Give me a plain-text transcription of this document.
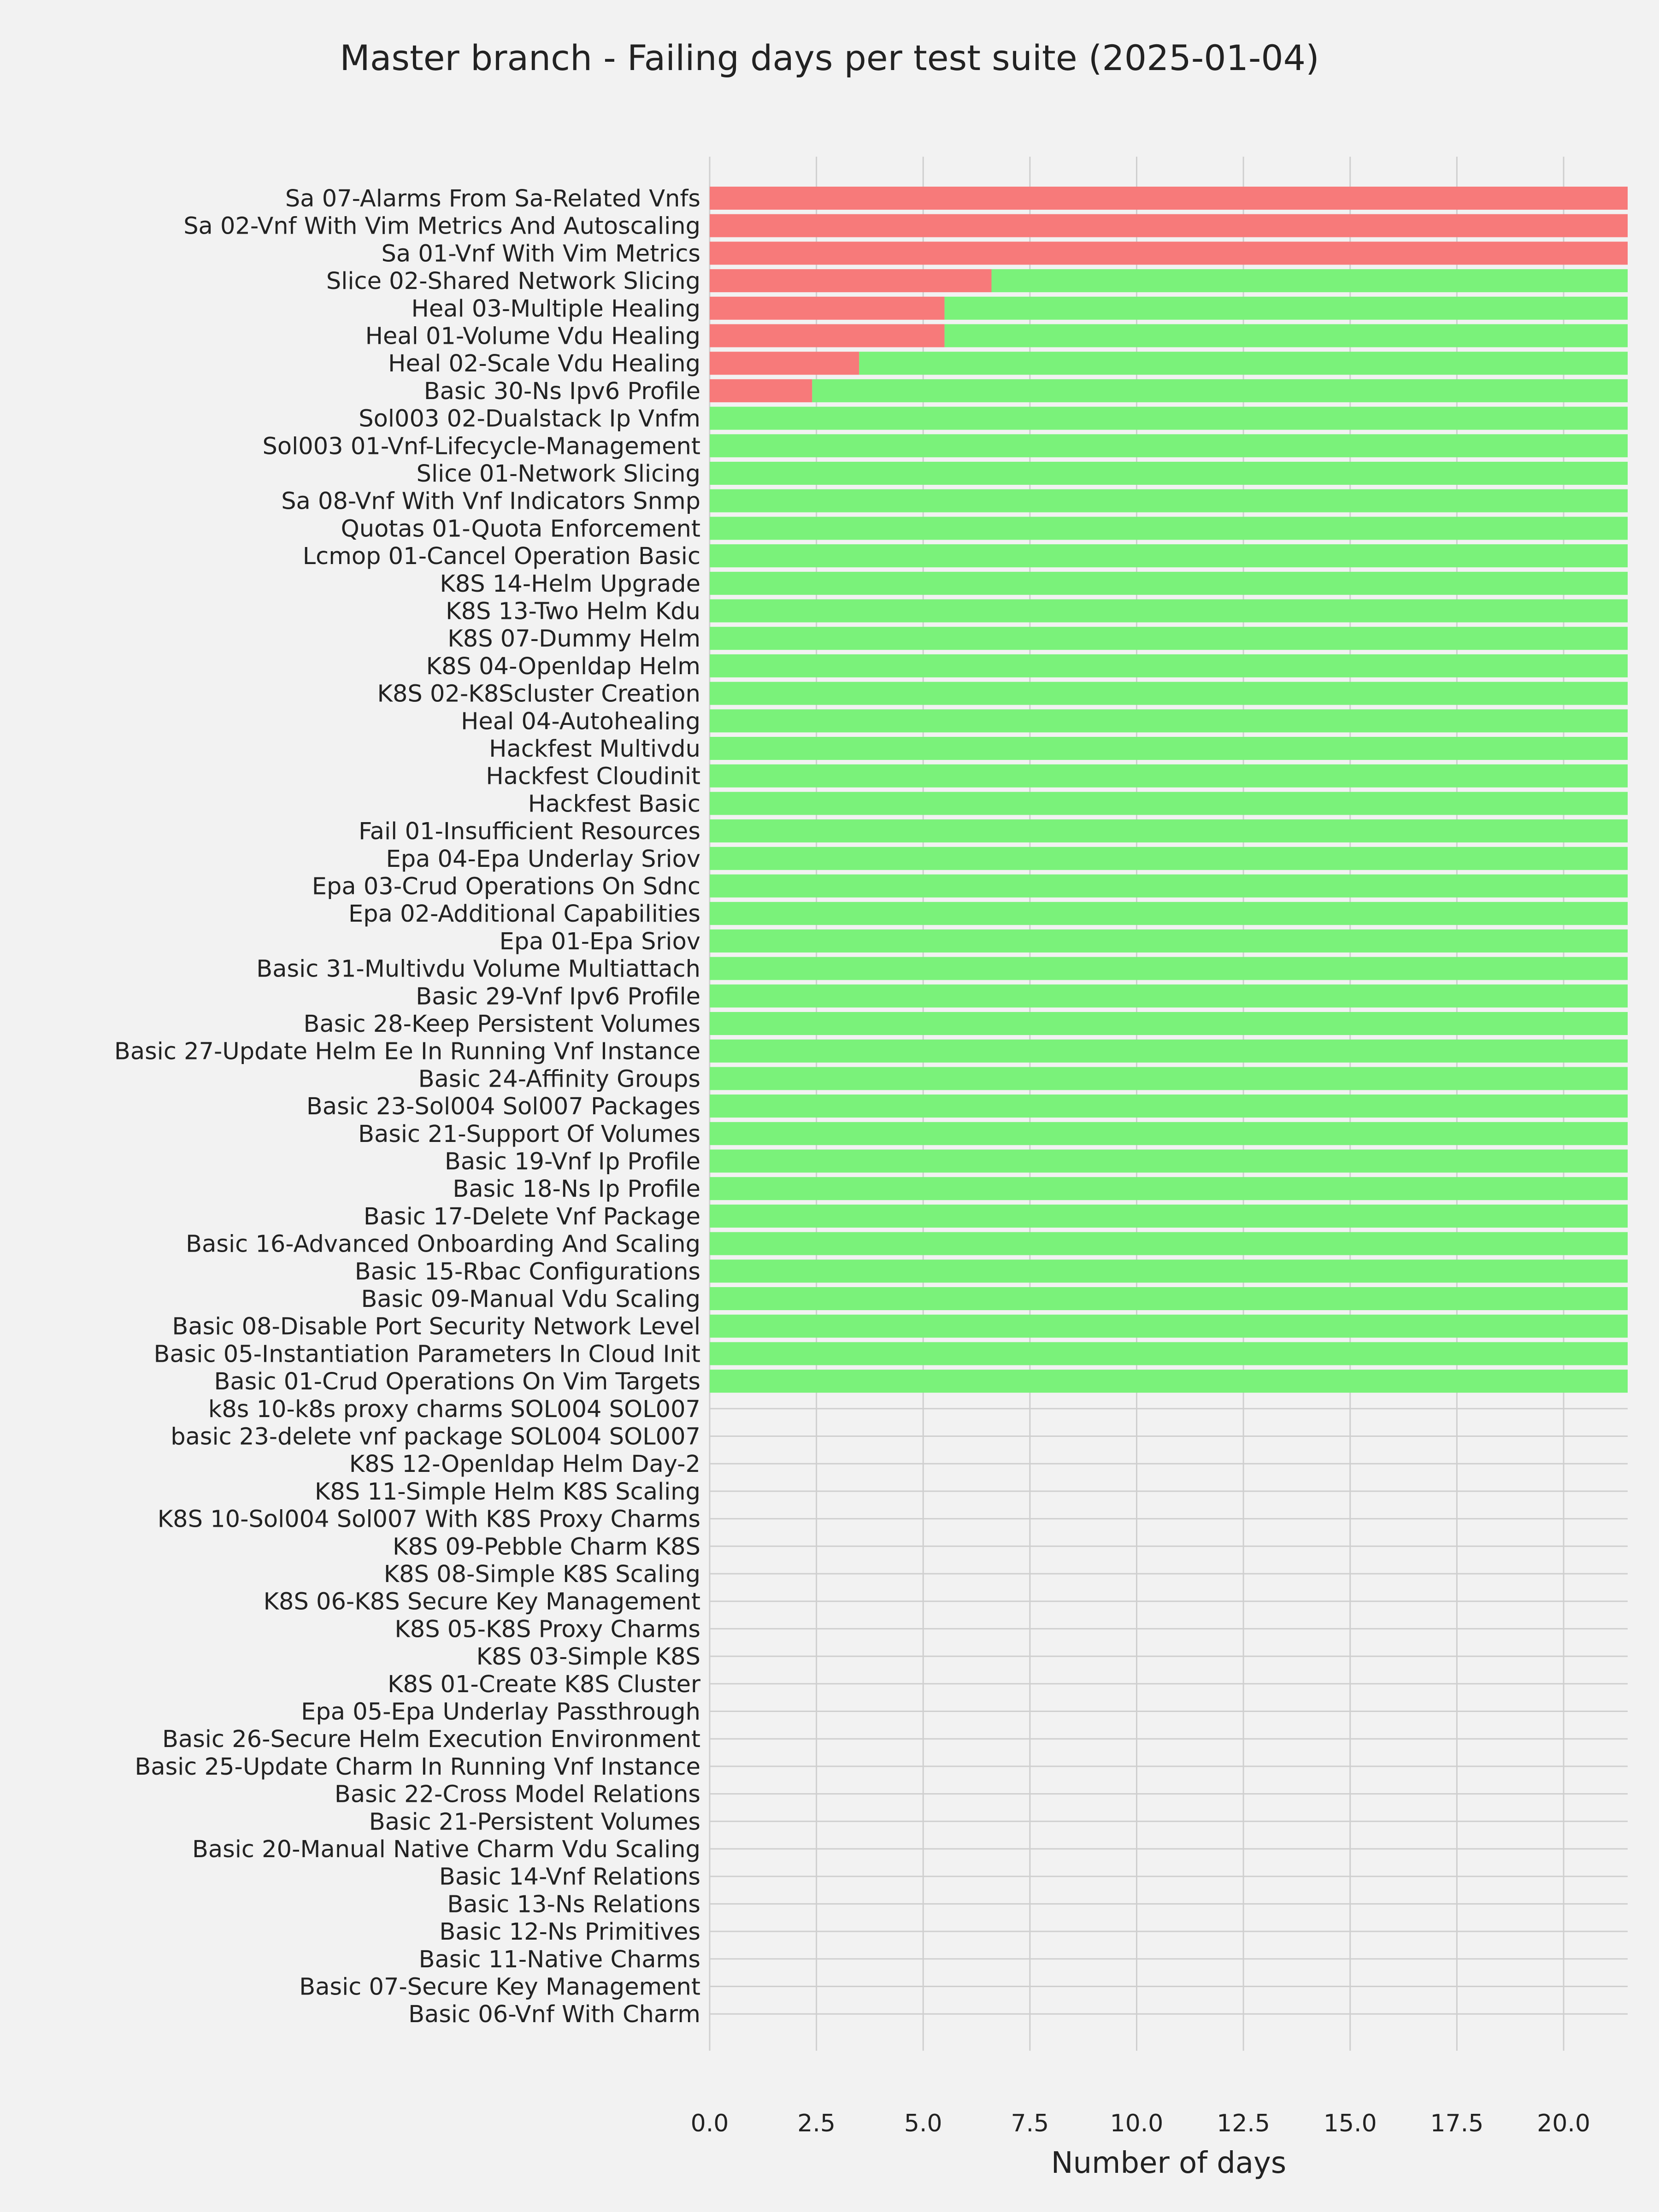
Sa 07-Alarms From Sa-Related Vnfs
Sa 02-Vnf With Vim Metrics And Autoscaling
Sa 01-Vnf With Vim Metrics
Slice 02-Shared Network Slicing
Heal 03-Multiple Healing
Heal 01-Volume Vdu Healing
Heal 02-Scale Vdu Healing
Basic 30-Ns Ipv6 Profile
Sol003 02-Dualstack Ip Vnfm
Sol003 01-Vnf-Lifecycle-Management
Slice 01-Network Slicing
Sa 08-Vnf With Vnf Indicators Snmp
Quotas 01-Quota Enforcement
Lcmop 01-Cancel Operation Basic
K8S 14-Helm Upgrade
K8S 13-Two Helm Kdu
K8S 07-Dummy Helm
K8S 04-Openldap Helm
K8S 02-K8Scluster Creation
Heal 04-Autohealing
Hackfest Multivdu
Hackfest Cloudinit
Hackfest Basic
Fail 01-Insufficient Resources
Epa 04-Epa Underlay Sriov
Epa 03-Crud Operations On Sdnc
Epa 02-Additional Capabilities
Epa 01-Epa Sriov
Basic 31-Multivdu Volume Multiattach
Basic 29-Vnf Ipv6 Profile
Basic 28-Keep Persistent Volumes
Basic 27-Update Helm Ee In Running Vnf Instance
Basic 24-Affinity Groups
Basic 23-Sol004 Sol007 Packages
Basic 21-Support Of Volumes
Basic 19-Vnf Ip Profile
Basic 18-Ns Ip Profile
Basic 17-Delete Vnf Package
Basic 16-Advanced Onboarding And Scaling
Basic 15-Rbac Configurations
Basic 09-Manual Vdu Scaling
Basic 08-Disable Port Security Network Level
Basic 05-Instantiation Parameters In Cloud Init
Basic 01-Crud Operations On Vim Targets
k8s 10-k8s proxy charms SOL004 SOL007
basic 23-delete vnf package SOL004 SOL007
K8S 12-Openldap Helm Day-2
K8S 11-Simple Helm K8S Scaling
K8S 10-Sol004 Sol007 With K8S Proxy Charms
K8S 09-Pebble Charm K8S
K8S 08-Simple K8S Scaling
K8S 06-K8S Secure Key Management
K8S 05-K8S Proxy Charms
K8S 03-Simple K8S
K8S 01-Create K8S Cluster
Epa 05-Epa Underlay Passthrough
Basic 26-Secure Helm Execution Environment
Basic 25-Update Charm In Running Vnf Instance
Basic 22-Cross Model Relations
Basic 21-Persistent Volumes
Basic 20-Manual Native Charm Vdu Scaling
Basic 14-Vnf Relations
Basic 13-Ns Relations
Basic 12-Ns Primitives
Basic 11-Native Charms
Basic 07-Secure Key Management
Basic 06-Vnf With Charm
0.0	2.5	5.0	7.5	10.0 12.5 15.0 17.5 20.0
Master branch - Failing days per test suite (2025-01-04)
Number of days
